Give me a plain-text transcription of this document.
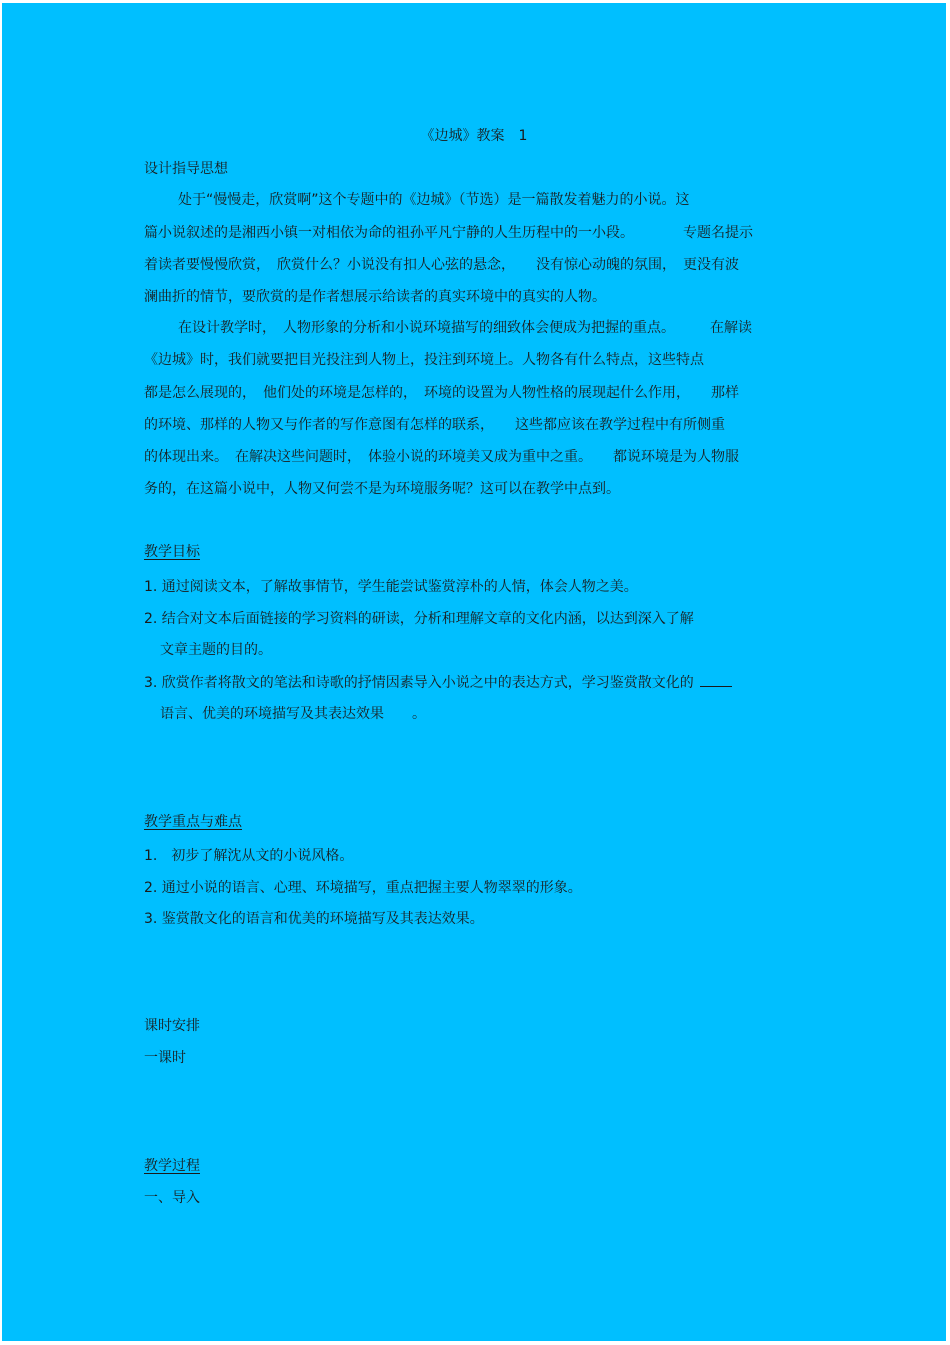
《边城》教案　1
设计指导思想
处于“慢慢走，欣赏啊”这个专题中的《边城》（节选）是一篇散发着魅力的小说。这
篇小说叙述的是湘西小镇一对相依为命的祖孙平凡宁静的人生历程中的一小段。　　　　专题名提示
着读者要慢慢欣赏，　欣赏什么？小说没有扣人心弦的悬念，　　没有惊心动魄的氛围，　更没有波
澜曲折的情节，要欣赏的是作者想展示给读者的真实环境中的真实的人物。
在设计教学时，　人物形象的分析和小说环境描写的细致体会便成为把握的重点。　　　在解读
《边城》时，我们就要把目光投注到人物上，投注到环境上。人物各有什么特点，这些特点
都是怎么展现的，　他们处的环境是怎样的，　环境的设置为人物性格的展现起什么作用，　　那样
的环境、那样的人物又与作者的写作意图有怎样的联系，　　这些都应该在教学过程中有所侧重
的体现出来。　在解决这些问题时，　体验小说的环境美又成为重中之重。　　都说环境是为人物服
务的，在这篇小说中，人物又何尝不是为环境服务呢？这可以在教学中点到。
教学目标
1. 通过阅读文本，了解故事情节，学生能尝试鉴赏淳朴的人情，体会人物之美。
2. 结合对文本后面链接的学习资料的研读，分析和理解文章的文化内涵，以达到深入了解
文章主题的目的。
3. 欣赏作者将散文的笔法和诗歌的抒情因素导入小说之中的表达方式，学习鉴赏散文化的
语言、优美的环境描写及其表达效果　　。
教学重点与难点
1.　初步了解沈从文的小说风格。
2. 通过小说的语言、心理、环境描写，重点把握主要人物翠翠的形象。
3. 鉴赏散文化的语言和优美的环境描写及其表达效果。
课时安排
一课时
教学过程
一、导入
